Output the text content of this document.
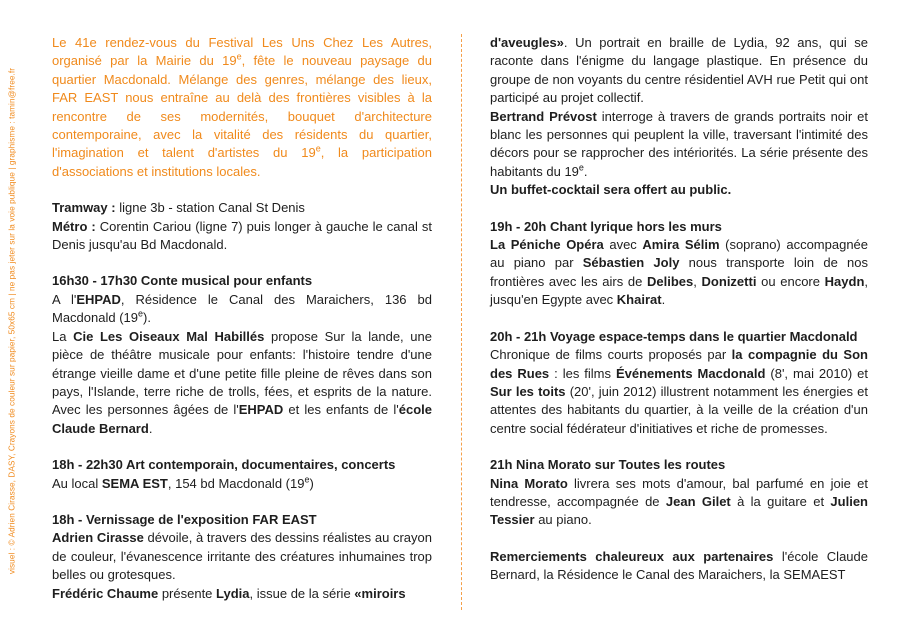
visuel : © Adrien Cirasse, DASY, Crayons de couleur sur papier, 50x65 cm | ne pas jeter sur la voie publique | graphisme : tamin@free.fr

Le 41e rendez-vous du Festival Les Uns Chez Les Autres, organisé par la Mairie du 19e, fête le nouveau paysage du quartier Macdonald. Mélange des genres, mélange des lieux, FAR EAST nous entraîne au delà des frontières visibles à la rencontre de ses modernités, bouquet d'architecture contemporaine, avec la vitalité des résidents du quartier, l'imagination et talent d'artistes du 19e, la participation d'associations et institutions locales.

Tramway : ligne 3b - station Canal St Denis

Métro : Corentin Cariou (ligne 7) puis longer à gauche le canal st Denis jusqu'au Bd Macdonald.

16h30 - 17h30 Conte musical pour enfants

A l'EHPAD, Résidence le Canal des Maraichers, 136 bd Macdonald (19e).

La Cie Les Oiseaux Mal Habillés propose Sur la lande, une pièce de théâtre musicale pour enfants: l'histoire tendre d'une étrange vieille dame et d'une petite fille pleine de rêves dans son pays, l'Islande, terre riche de trolls, fées, et esprits de la nature. Avec les personnes âgées de l'EHPAD et les enfants de l'école Claude Bernard.

18h - 22h30 Art contemporain, documentaires, concerts

Au local SEMA EST, 154 bd Macdonald (19e)

18h - Vernissage de l'exposition FAR EAST

Adrien Cirasse dévoile, à travers des dessins réalistes au crayon de couleur, l'évanescence irritante des créatures inhumaines trop belles ou grotesques.

Frédéric Chaume présente Lydia, issue de la série «miroirs

d'aveugles». Un portrait en braille de Lydia, 92 ans, qui se raconte dans l'énigme du langage plastique. En présence du groupe de non voyants du centre résidentiel AVH rue Petit qui ont participé au projet collectif.

Bertrand Prévost interroge à travers de grands portraits noir et blanc les personnes qui peuplent la ville, traversant l'intimité des décors pour se rapprocher des intériorités. La série présente des habitants du 19e.

Un buffet-cocktail sera offert au public.

19h - 20h Chant lyrique hors les murs

La Péniche Opéra avec Amira Sélim (soprano) accompagnée au piano par Sébastien Joly nous transporte loin de nos frontières avec les airs de Delibes, Donizetti ou encore Haydn, jusqu'en Egypte avec Khairat.

20h - 21h Voyage espace-temps dans le quartier Macdonald

Chronique de films courts proposés par la compagnie du Son des Rues : les films Événements Macdonald (8', mai 2010) et Sur les toits (20', juin 2012) illustrent notamment les énergies et attentes des habitants du quartier, à la veille de la création d'un centre social fédérateur d'initiatives et riche de promesses.

21h Nina Morato sur Toutes les routes

Nina Morato livrera ses mots d'amour, bal parfumé en joie et tendresse, accompagnée de Jean Gilet à la guitare et Julien Tessier au piano.

Remerciements chaleureux aux partenaires l'école Claude Bernard, la Résidence le Canal des Maraichers, la SEMAEST
